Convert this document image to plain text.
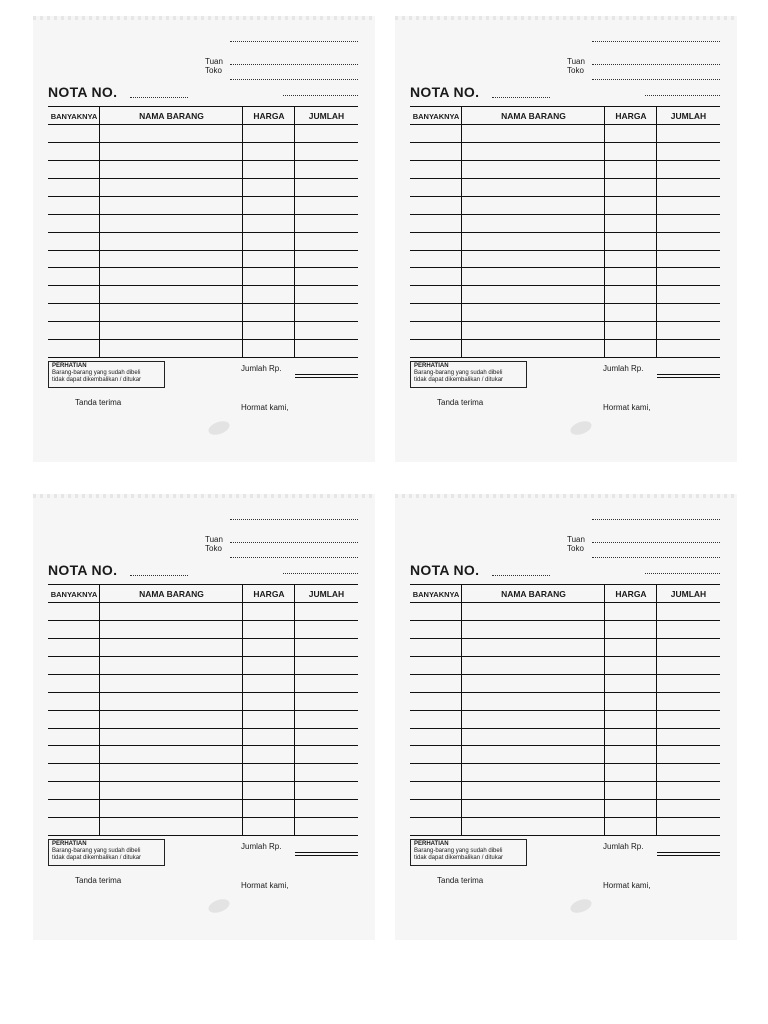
Tuan
Toko
NOTA NO.
BANYAKNYA	NAMA BARANG	HARGA	JUMLAH
PERHATIAN
Barang-barang yang sudah dibeli
tidak dapat dikembalikan / ditukar
Jumlah Rp.
Tanda terima
Hormat kami,
Tuan
Toko
NOTA NO.
BANYAKNYA	NAMA BARANG	HARGA	JUMLAH
PERHATIAN
Barang-barang yang sudah dibeli
tidak dapat dikembalikan / ditukar
Jumlah Rp.
Tanda terima
Hormat kami,
Tuan
Toko
NOTA NO.
BANYAKNYA	NAMA BARANG	HARGA	JUMLAH
PERHATIAN
Barang-barang yang sudah dibeli
tidak dapat dikembalikan / ditukar
Jumlah Rp.
Tanda terima
Hormat kami,
Tuan
Toko
NOTA NO.
BANYAKNYA	NAMA BARANG	HARGA	JUMLAH
PERHATIAN
Barang-barang yang sudah dibeli
tidak dapat dikembalikan / ditukar
Jumlah Rp.
Tanda terima
Hormat kami,
